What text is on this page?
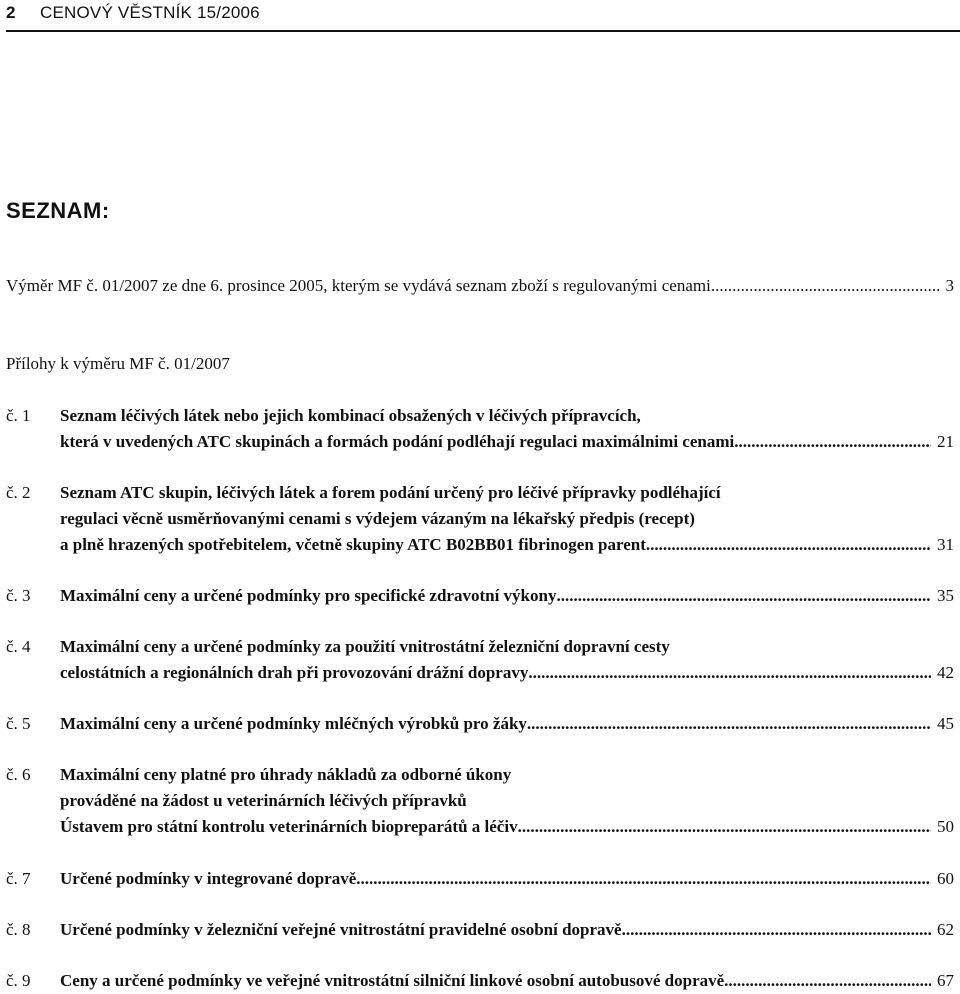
2 CENOVÝ VĚSTNÍK 15/2006
SEZNAM:
Výměr MF č. 01/2007 ze dne 6. prosince 2005, kterým se vydává seznam zboží s regulovanými cenami .....	3
Přílohy k výměru MF č. 01/2007
č. 1 Seznam léčivých látek nebo jejich kombinací obsažených v léčivých přípravcích,
která v uvedených ATC skupinách a formách podání podléhají regulaci maximálnimi cenami .....	21
č. 2 Seznam ATC skupin, léčivých látek a forem podání určený pro léčivé přípravky podléhající
regulaci věcně usměrňovanými cenami s výdejem vázaným na lékařský předpis (recept)
a plně hrazených spotřebitelem, včetně skupiny ATC B02BB01 fibrinogen parent. .....	31
č. 3 Maximální ceny a určené podmínky pro specifické zdravotní výkony .....	35
č. 4 Maximální ceny a určené podmínky za použití vnitrostátní železniční dopravní cesty
celostátních a regionálních drah při provozování drážní dopravy .....	42
č. 5 Maximální ceny a určené podmínky mléčných výrobků pro žáky .....	45
č. 6 Maximální ceny platné pro úhrady nákladů za odborné úkony
prováděné na žádost u veterinárních léčivých přípravků
Ústavem pro státní kontrolu veterinárních biopreparátů a léčiv .....	50
č. 7 Určené podmínky v integrované dopravě .....	60
č. 8 Určené podmínky v železniční veřejné vnitrostátní pravidelné osobní dopravě .....	62
č. 9 Ceny a určené podmínky ve veřejné vnitrostátní silniční linkové osobní autobusové dopravě .....	67
